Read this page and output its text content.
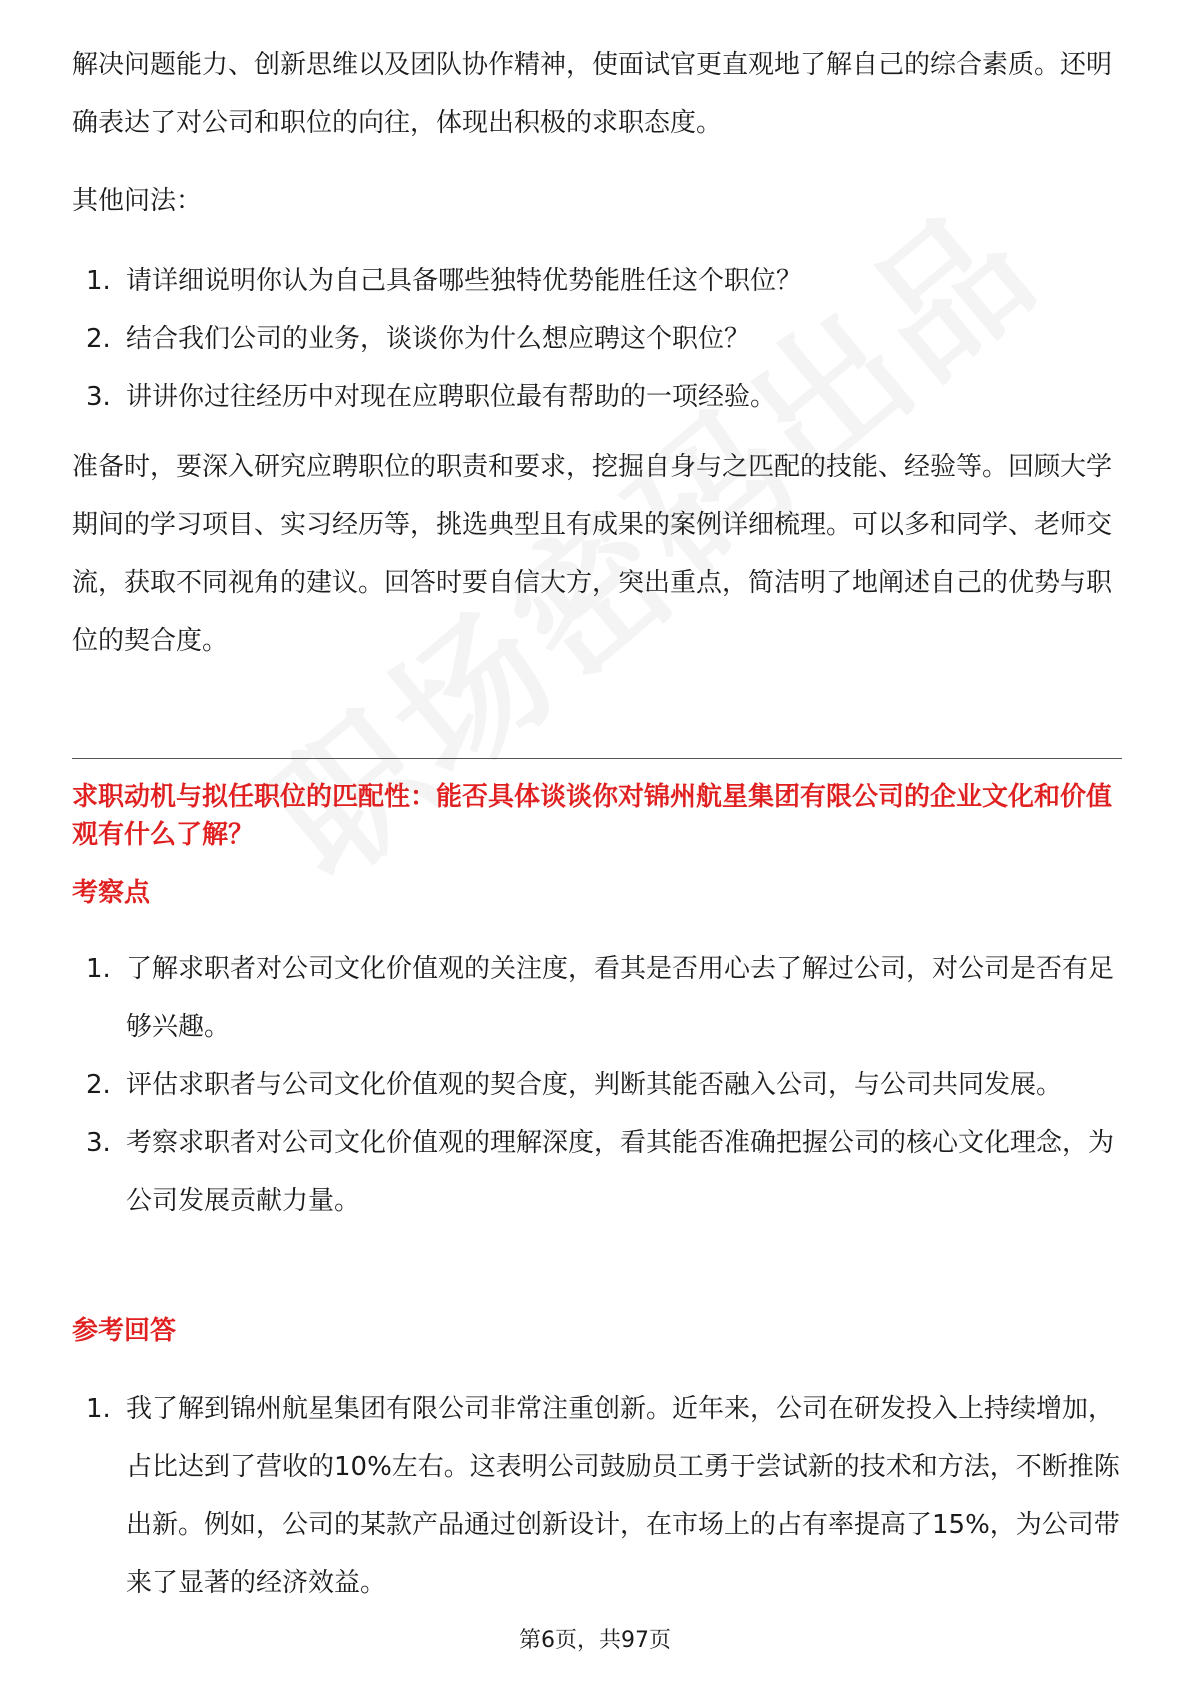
解决问题能力、创新思维以及团队协作精神，使面试官更直观地了解自己的综合素质。还明确表达了对公司和职位的向往，体现出积极的求职态度。

其他问法：

1. 请详细说明你认为自己具备哪些独特优势能胜任这个职位？
2. 结合我们公司的业务，谈谈你为什么想应聘这个职位？
3. 讲讲你过往经历中对现在应聘职位最有帮助的一项经验。

准备时，要深入研究应聘职位的职责和要求，挖掘自身与之匹配的技能、经验等。回顾大学期间的学习项目、实习经历等，挑选典型且有成果的案例详细梳理。可以多和同学、老师交流，获取不同视角的建议。回答时要自信大方，突出重点，简洁明了地阐述自己的优势与职位的契合度。

求职动机与拟任职位的匹配性：能否具体谈谈你对锦州航星集团有限公司的企业文化和价值观有什么了解？

考察点

1. 了解求职者对公司文化价值观的关注度，看其是否用心去了解过公司，对公司是否有足够兴趣。
2. 评估求职者与公司文化价值观的契合度，判断其能否融入公司，与公司共同发展。
3. 考察求职者对公司文化价值观的理解深度，看其能否准确把握公司的核心文化理念，为公司发展贡献力量。

参考回答

1. 我了解到锦州航星集团有限公司非常注重创新。近年来，公司在研发投入上持续增加，占比达到了营收的10%左右。这表明公司鼓励员工勇于尝试新的技术和方法，不断推陈出新。例如，公司的某款产品通过创新设计，在市场上的占有率提高了15%，为公司带来了显著的经济效益。
第6页，共97页
